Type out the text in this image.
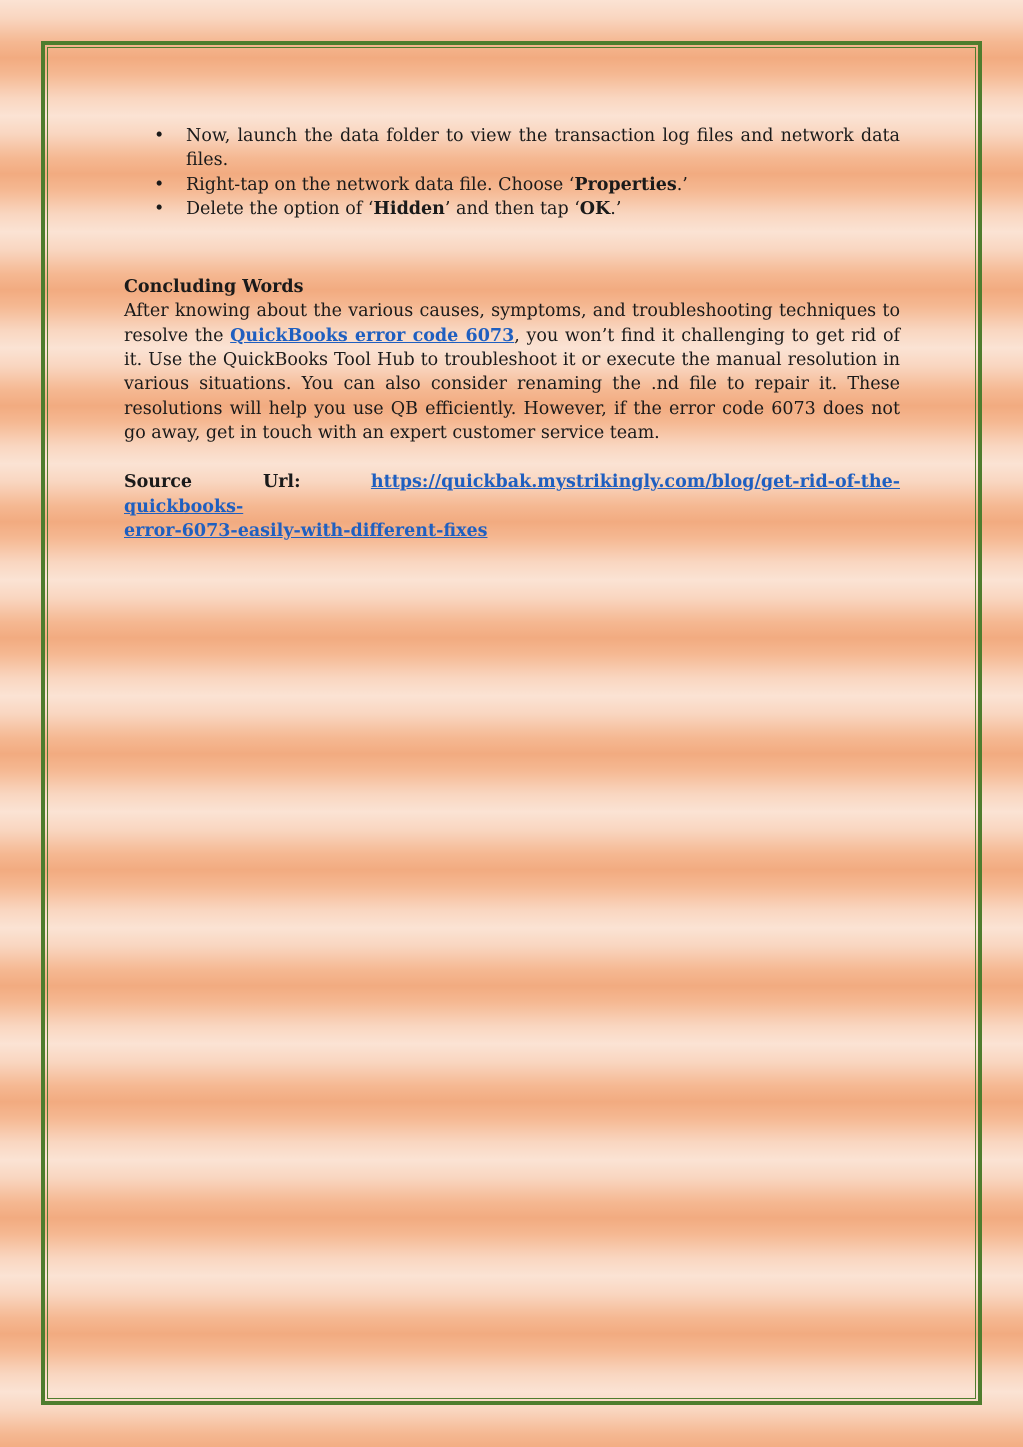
• Now, launch the data folder to view the transaction log files and network data files.
• Right-tap on the network data file. Choose ‘Properties.’
• Delete the option of ‘Hidden’ and then tap ‘OK.’
Concluding Words

After knowing about the various causes, symptoms, and troubleshooting techniques to resolve the QuickBooks error code 6073, you won’t find it challenging to get rid of it. Use the QuickBooks Tool Hub to troubleshoot it or execute the manual resolution in various situations. You can also consider renaming the .nd file to repair it. These resolutions will help you use QB efficiently. However, if the error code 6073 does not go away, get in touch with an expert customer service team.

Source Url:	https://quickbak.mystrikingly.com/blog/get-rid-of-the-quickbooks-
error-6073-easily-with-different-fixes
